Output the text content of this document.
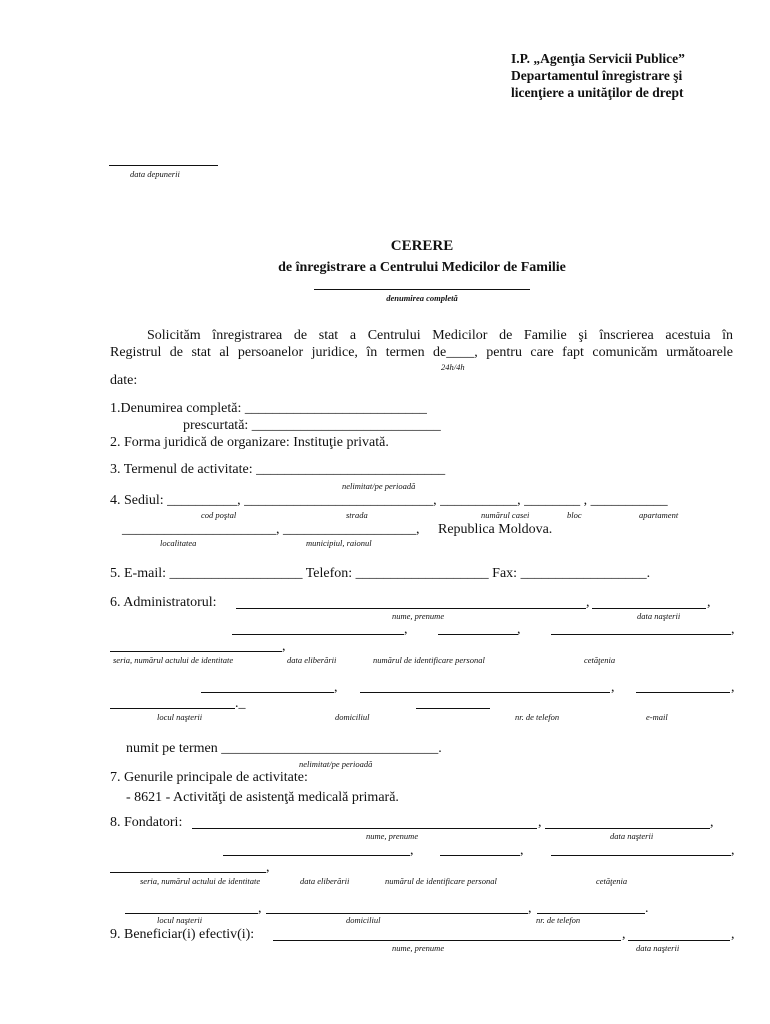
I.P. „Agenţia Servicii Publice”
Departamentul înregistrare şi
licenţiere a unităţilor de drept
data depunerii
CERERE
de înregistrare a Centrului Medicilor de Familie
denumirea completă
Solicităm înregistrarea de stat a Centrului Medicilor de Familie şi înscrierea acestuia în
Registrul de stat al persoanelor juridice, în termen de____, pentru care fapt comunicăm următoarele
24h/4h
date:
1.Denumirea completă: __________________________
prescurtată: ___________________________
2. Forma juridică de organizare: Instituţie privată.
3. Termenul de activitate: ___________________________
nelimitat/pe perioadă
4. Sediul: __________, ___________________________, ___________, ________ , ___________
cod poştal	strada	numărul casei	bloc	apartament
______________________, ___________________, Republica Moldova.
localitatea	municipiul, raionul
5. E-mail: ___________________ Telefon: ___________________ Fax: __________________.
6. Administratorul:	,	,
nume, prenume	data naşterii
,	,	,
,
seria, numărul actului de identitate	data eliberării	numărul de identificare personal	cetăţenia
,	,	,
._
locul naşterii	domiciliul	nr. de telefon	e-mail
numit pe termen _______________________________.
nelimitat/pe perioadă
7. Genurile principale de activitate:
- 8621 - Activităţi de asistenţă medicală primară.
8. Fondatori:	,	,
nume, prenume	data naşterii
,	,	,
,
seria, numărul actului de identitate	data eliberării	numărul de identificare personal	cetăţenia
,	,	.
locul naşterii	domiciliul	nr. de telefon
9. Beneficiar(i) efectiv(i):	,	,
nume, prenume	data naşterii
